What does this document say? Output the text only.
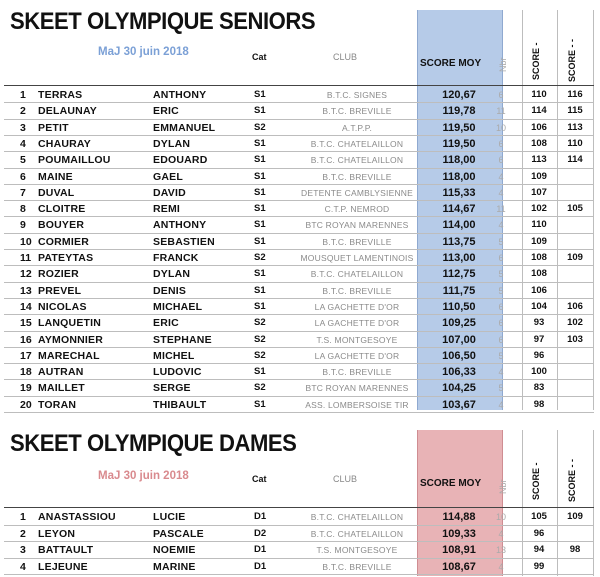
SKEET OLYMPIQUE SENIORS
MaJ 30 juin 2018	Cat	CLUB
SCORE MOY Nbr	SCORE -	SCORE - -
1	TERRAS	ANTHONY	S1	B.T.C. SIGNES	120,67	6	110	116
2	DELAUNAY	ERIC	S1	B.T.C. BREVILLE	119,78	11	114	115
3	PETIT	EMMANUEL	S2	A.T.P.P.	119,50	10	106	113
4	CHAURAY	DYLAN	S1	B.T.C. CHATELAILLON	119,50	6	108	110
5	POUMAILLOU	EDOUARD	S1	B.T.C. CHATELAILLON	118,00	6	113	114
6	MAINE	GAEL	S1	B.T.C. BREVILLE	118,00	4	109
7	DUVAL	DAVID	S1	DETENTE CAMBLYSIENNE	115,33	4	107
8	CLOITRE	REMI	S1	C.T.P. NEMROD	114,67	11	102	105
9	BOUYER	ANTHONY	S1	BTC ROYAN MARENNES	114,00	4	110
10 CORMIER	SEBASTIEN	S1	B.T.C. BREVILLE	113,75	5	109
11 PATEYTAS	FRANCK	S2	MOUSQUET LAMENTINOIS	113,00	6	108	109
12 ROZIER	DYLAN	S1	B.T.C. CHATELAILLON	112,75	5	108
13 PREVEL	DENIS	S1	B.T.C. BREVILLE	111,75	5	106
14 NICOLAS	MICHAEL	S1	LA GACHETTE D'OR	110,50	6	104	106
15 LANQUETIN	ERIC	S2	LA GACHETTE D'OR	109,25	6	93	102
16 AYMONNIER	STEPHANE	S2	T.S. MONTGESOYE	107,00	6	97	103
17 MARECHAL	MICHEL	S2	LA GACHETTE D'OR	106,50	5	96
18 AUTRAN	LUDOVIC	S1	B.T.C. BREVILLE	106,33	4	100
19 MAILLET	SERGE	S2	BTC ROYAN MARENNES	104,25	5	83
20 TORAN	THIBAULT	S1	ASS. LOMBERSOISE TIR	103,67	4	98
SKEET OLYMPIQUE DAMES
MaJ 30 juin 2018	Cat	CLUB	SCORE MOY Nbr	SCORE -	SCORE - -
1	ANASTASSIOU	LUCIE	D1	B.T.C. CHATELAILLON	114,88	10	105	109
2	LEYON	PASCALE	D2	B.T.C. CHATELAILLON	109,33	4	96
3	BATTAULT	NOEMIE	D1	T.S. MONTGESOYE	108,91	13	94	98
4	LEJEUNE	MARINE	D1	B.T.C. BREVILLE	108,67	4	99
